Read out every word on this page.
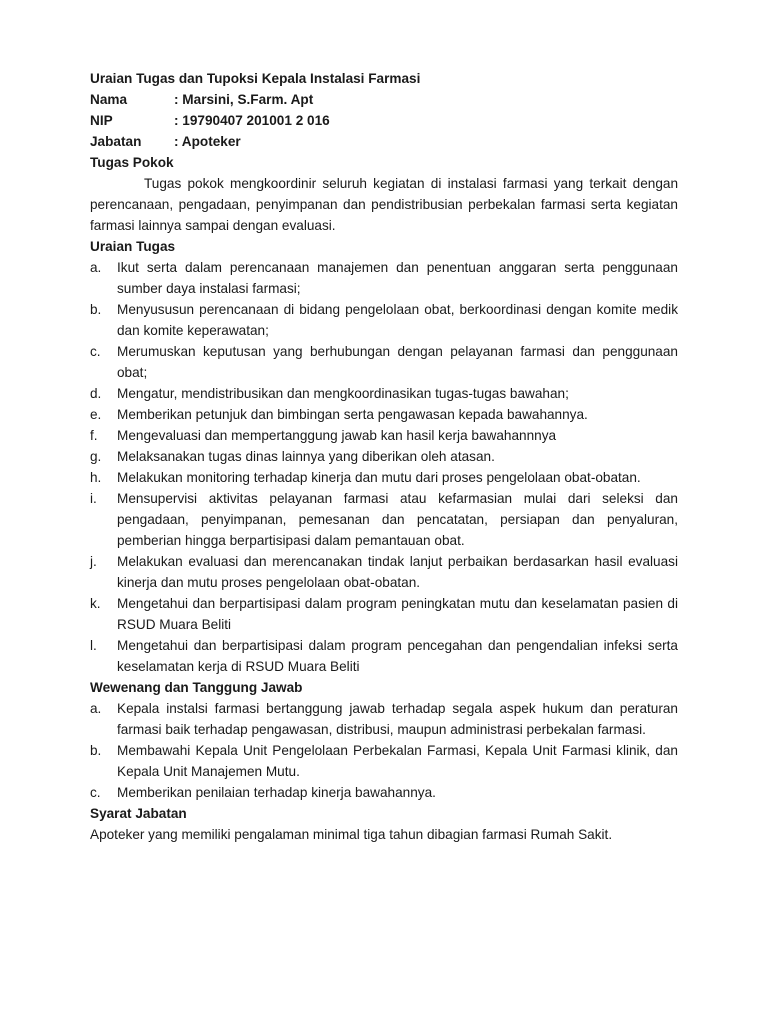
Uraian Tugas dan Tupoksi Kepala Instalasi Farmasi
Nama	: Marsini, S.Farm. Apt
NIP	: 19790407 201001 2 016
Jabatan	: Apoteker
Tugas Pokok

Tugas pokok mengkoordinir seluruh kegiatan di instalasi farmasi yang terkait dengan perencanaan, pengadaan, penyimpanan dan pendistribusian perbekalan farmasi serta kegiatan farmasi lainnya sampai dengan evaluasi.

Uraian Tugas
a. Ikut serta dalam perencanaan manajemen dan penentuan anggaran serta penggunaan sumber daya instalasi farmasi;
b. Menyususun perencanaan di bidang pengelolaan obat, berkoordinasi dengan komite medik dan komite keperawatan;
c. Merumuskan keputusan yang berhubungan dengan pelayanan farmasi dan penggunaan obat;
d. Mengatur, mendistribusikan dan mengkoordinasikan tugas-tugas bawahan;
e. Memberikan petunjuk dan bimbingan serta pengawasan kepada bawahannya.
f. Mengevaluasi dan mempertanggung jawab kan hasil kerja bawahannnya
g. Melaksanakan tugas dinas lainnya yang diberikan oleh atasan.
h. Melakukan monitoring terhadap kinerja dan mutu dari proses pengelolaan obat-obatan.
i. Mensupervisi aktivitas pelayanan farmasi atau kefarmasian mulai dari seleksi dan pengadaan, penyimpanan, pemesanan dan pencatatan, persiapan dan penyaluran, pemberian hingga berpartisipasi dalam pemantauan obat.
j. Melakukan evaluasi dan merencanakan tindak lanjut perbaikan berdasarkan hasil evaluasi kinerja dan mutu proses pengelolaan obat-obatan.
k. Mengetahui dan berpartisipasi dalam program peningkatan mutu dan keselamatan pasien di RSUD Muara Beliti
l. Mengetahui dan berpartisipasi dalam program pencegahan dan pengendalian infeksi serta keselamatan kerja di RSUD Muara Beliti
Wewenang dan Tanggung Jawab
a. Kepala instalsi farmasi bertanggung jawab terhadap segala aspek hukum dan peraturan farmasi baik terhadap pengawasan, distribusi, maupun administrasi perbekalan farmasi.
b. Membawahi Kepala Unit Pengelolaan Perbekalan Farmasi, Kepala Unit Farmasi klinik, dan Kepala Unit Manajemen Mutu.
c. Memberikan penilaian terhadap kinerja bawahannya.
Syarat Jabatan
Apoteker yang memiliki pengalaman minimal tiga tahun dibagian farmasi Rumah Sakit.
